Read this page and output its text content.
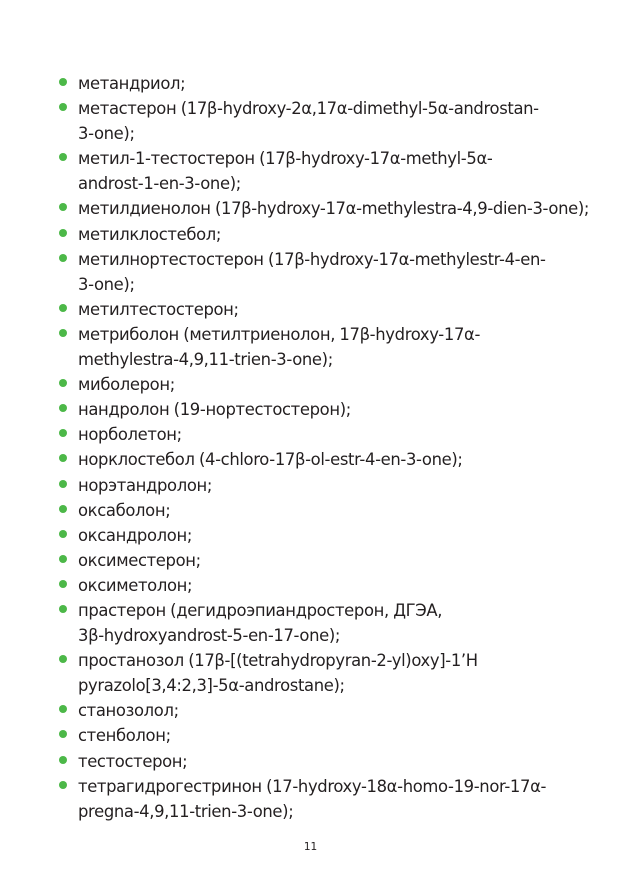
метандриол;
метастерон (17β-hydroxy-2α,17α-dimethyl-5α-androstan-
3-one);
метил-1-тестостерон (17β-hydroxy-17α-methyl-5α-
androst-1-en-3-one);
метилдиенолон (17β-hydroxy-17α-methylestra-4,9-dien-3-one);
метилклостебол;
метилнортестостерон (17β-hydroxy-17α-methylestr-4-en-
3-one);
метилтестостерон;
метриболон (метилтриенолон, 17β-hydroxy-17α-
methylestra-4,9,11-trien-3-one);
миболерон;
нандролон (19-нортестостерон);
норболетон;
норклостебол (4-chloro-17β-ol-estr-4-en-3-one);
норэтандролон;
оксаболон;
оксандролон;
оксиместерон;
оксиметолон;
прастерон (дегидроэпиандростерон, ДГЭА,
3β-hydroxyandrost-5-en-17-one);
простанозол (17β-[(tetrahydropyran-2-yl)oxy]-1’H
pyrazolo[3,4:2,3]-5α-androstane);
станозолол;
стенболон;
тестостерон;
тетрагидрогестринон (17-hydroxy-18α-homo-19-nor-17α-
pregna-4,9,11-trien-3-one);
11
